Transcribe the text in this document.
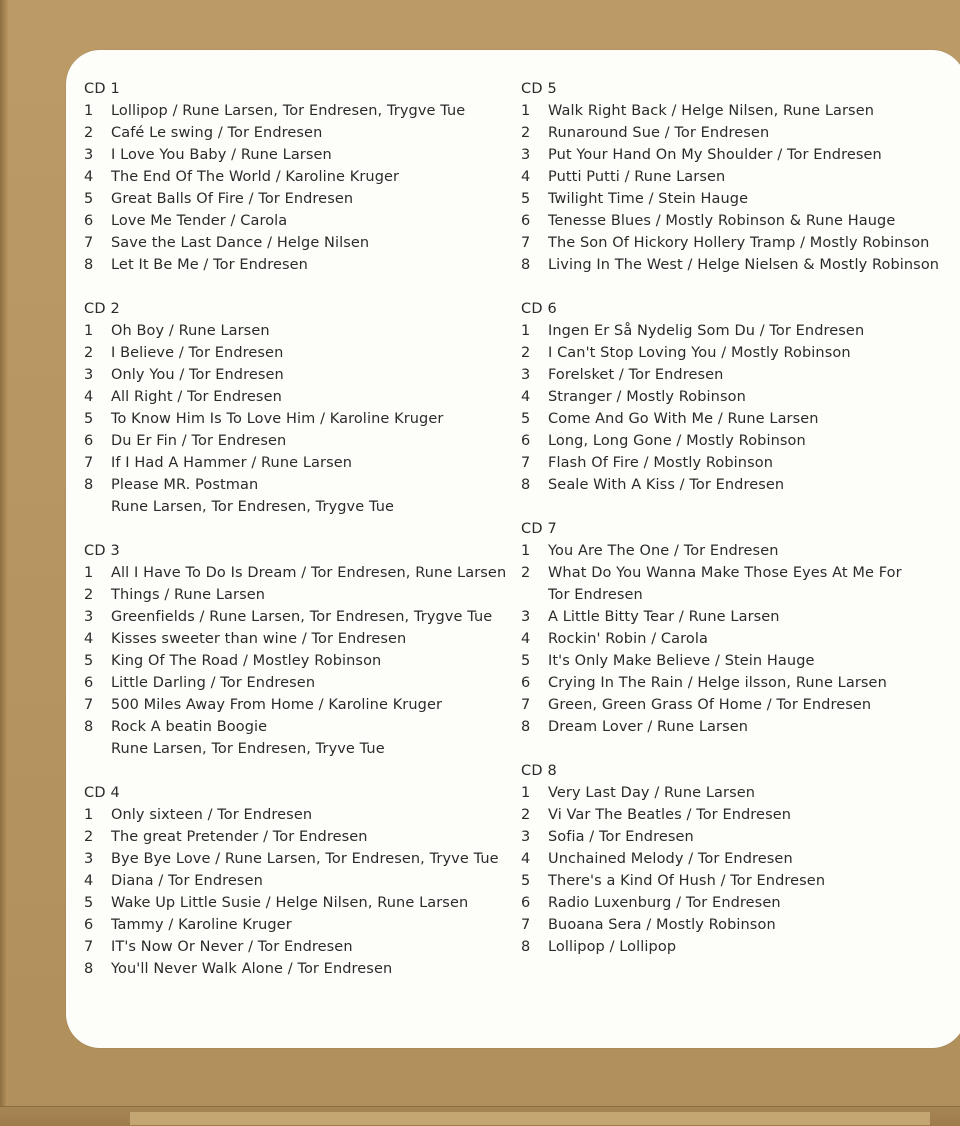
CD 1
1	Lollipop / Rune Larsen, Tor Endresen, Trygve Tue
2	Café Le swing / Tor Endresen
3	I Love You Baby / Rune Larsen
4	The End Of The World / Karoline Kruger
5	Great Balls Of Fire / Tor Endresen
6	Love Me Tender / Carola
7	Save the Last Dance / Helge Nilsen
8	Let It Be Me / Tor Endresen
CD 2
1	Oh Boy / Rune Larsen
2	I Believe / Tor Endresen
3	Only You / Tor Endresen
4	All Right / Tor Endresen
5	To Know Him Is To Love Him / Karoline Kruger
6	Du Er Fin / Tor Endresen
7	If I Had A Hammer / Rune Larsen
8	Please MR. Postman
Rune Larsen, Tor Endresen, Trygve Tue
CD 3
1	All I Have To Do Is Dream / Tor Endresen, Rune Larsen
2	Things / Rune Larsen
3	Greenfields / Rune Larsen, Tor Endresen, Trygve Tue
4	Kisses sweeter than wine / Tor Endresen
5	King Of The Road / Mostley Robinson
6	Little Darling / Tor Endresen
7	500 Miles Away From Home / Karoline Kruger
8	Rock A beatin Boogie
Rune Larsen, Tor Endresen, Tryve Tue
CD 4
1	Only sixteen / Tor Endresen
2	The great Pretender / Tor Endresen
3	Bye Bye Love / Rune Larsen, Tor Endresen, Tryve Tue
4	Diana / Tor Endresen
5	Wake Up Little Susie / Helge Nilsen, Rune Larsen
6	Tammy / Karoline Kruger
7	IT's Now Or Never / Tor Endresen
8	You'll Never Walk Alone / Tor Endresen
CD 5
1	Walk Right Back / Helge Nilsen, Rune Larsen
2	Runaround Sue / Tor Endresen
3	Put Your Hand On My Shoulder / Tor Endresen
4	Putti Putti / Rune Larsen
5	Twilight Time / Stein Hauge
6	Tenesse Blues / Mostly Robinson & Rune Hauge
7	The Son Of Hickory Hollery Tramp / Mostly Robinson
8	Living In The West / Helge Nielsen & Mostly Robinson
CD 6
1	Ingen Er Så Nydelig Som Du / Tor Endresen
2	I Can't Stop Loving You / Mostly Robinson
3	Forelsket / Tor Endresen
4	Stranger / Mostly Robinson
5	Come And Go With Me / Rune Larsen
6	Long, Long Gone / Mostly Robinson
7	Flash Of Fire / Mostly Robinson
8	Seale With A Kiss / Tor Endresen
CD 7
1	You Are The One / Tor Endresen
2	What Do You Wanna Make Those Eyes At Me For
Tor Endresen
3	A Little Bitty Tear / Rune Larsen
4	Rockin' Robin / Carola
5	It's Only Make Believe / Stein Hauge
6	Crying In The Rain / Helge ilsson, Rune Larsen
7	Green, Green Grass Of Home / Tor Endresen
8	Dream Lover / Rune Larsen
CD 8
1	Very Last Day / Rune Larsen
2	Vi Var The Beatles / Tor Endresen
3	Sofia / Tor Endresen
4	Unchained Melody / Tor Endresen
5	There's a Kind Of Hush / Tor Endresen
6	Radio Luxenburg / Tor Endresen
7	Buoana Sera / Mostly Robinson
8	Lollipop / Lollipop
